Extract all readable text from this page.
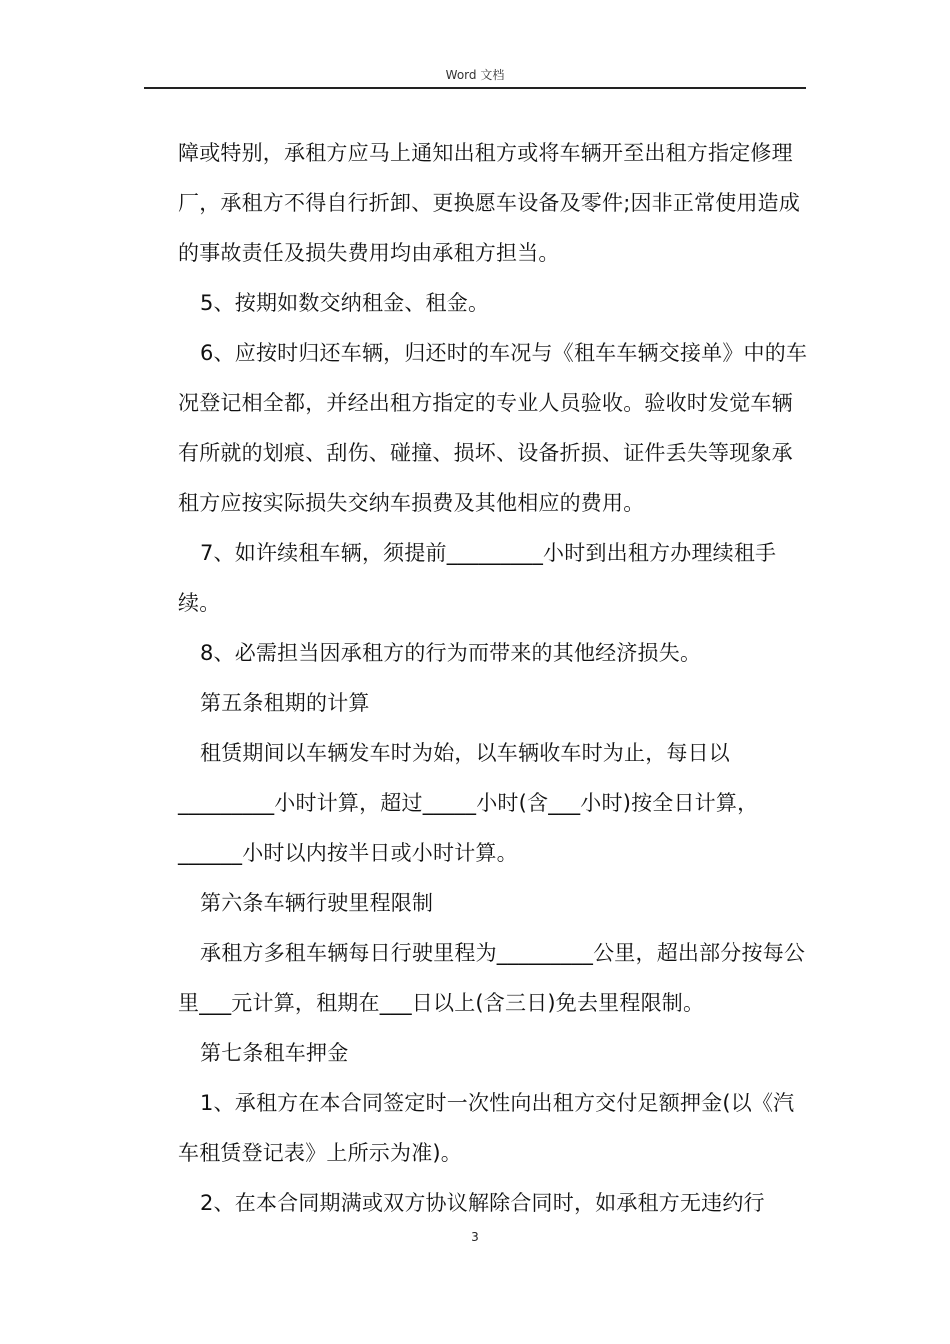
Word 文档

障或特别，承租方应马上通知出租方或将车辆开至出租方指定修理厂，承租方不得自行折卸、更换愿车设备及零件;因非正常使用造成的事故责任及损失费用均由承租方担当。

5、按期如数交纳租金、租金。

6、应按时归还车辆，归还时的车况与《租车车辆交接单》中的车况登记相全都，并经出租方指定的专业人员验收。验收时发觉车辆有所就的划痕、刮伤、碰撞、损坏、设备折损、证件丢失等现象承租方应按实际损失交纳车损费及其他相应的费用。

7、如许续租车辆，须提前_________小时到出租方办理续租手续。

8、必需担当因承租方的行为而带来的其他经济损失。

第五条租期的计算

租赁期间以车辆发车时为始，以车辆收车时为止，每日以_________小时计算，超过_____小时(含___小时)按全日计算，______小时以内按半日或小时计算。

第六条车辆行驶里程限制

承租方多租车辆每日行驶里程为_________公里，超出部分按每公里___元计算，租期在___日以上(含三日)免去里程限制。

第七条租车押金

1、承租方在本合同签定时一次性向出租方交付足额押金(以《汽车租赁登记表》上所示为准)。

2、在本合同期满或双方协议解除合同时，如承租方无违约行

3
